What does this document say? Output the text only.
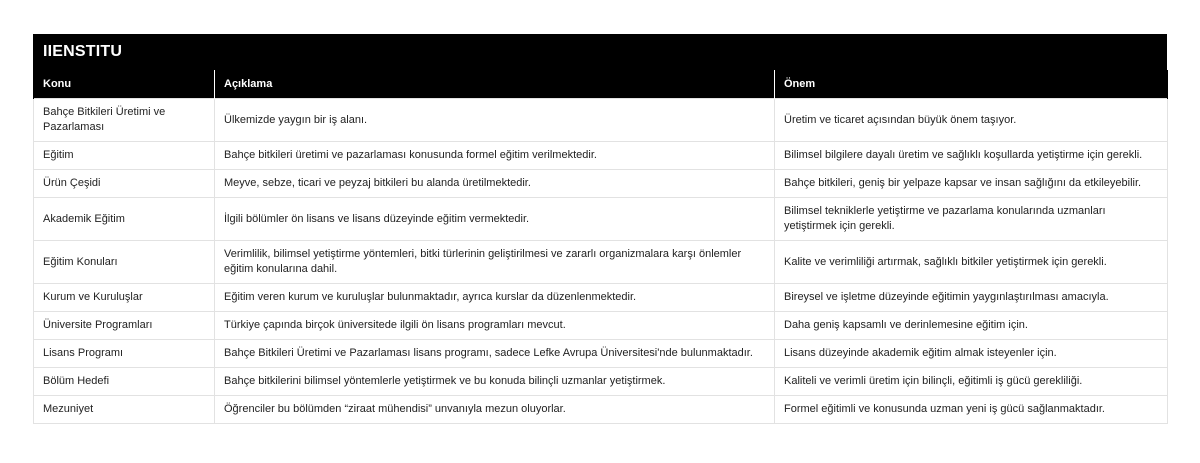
IIENSTITU
Konu	Açıklama	Önem
Bahçe Bitkileri Üretimi ve Pazarlaması	Ülkemizde yaygın bir iş alanı.	Üretim ve ticaret açısından büyük önem taşıyor.
Eğitim	Bahçe bitkileri üretimi ve pazarlaması konusunda formel eğitim verilmektedir.	Bilimsel bilgilere dayalı üretim ve sağlıklı koşullarda yetiştirme için gerekli.
Ürün Çeşidi	Meyve, sebze, ticari ve peyzaj bitkileri bu alanda üretilmektedir.	Bahçe bitkileri, geniş bir yelpaze kapsar ve insan sağlığını da etkileyebilir.
Akademik Eğitim	İlgili bölümler ön lisans ve lisans düzeyinde eğitim vermektedir.	Bilimsel tekniklerle yetiştirme ve pazarlama konularında uzmanları yetiştirmek için gerekli.
Eğitim Konuları	Verimlilik, bilimsel yetiştirme yöntemleri, bitki türlerinin geliştirilmesi ve zararlı organizmalara karşı önlemler eğitim konularına dahil.	Kalite ve verimliliği artırmak, sağlıklı bitkiler yetiştirmek için gerekli.
Kurum ve Kuruluşlar	Eğitim veren kurum ve kuruluşlar bulunmaktadır, ayrıca kurslar da düzenlenmektedir.	Bireysel ve işletme düzeyinde eğitimin yaygınlaştırılması amacıyla.
Üniversite Programları	Türkiye çapında birçok üniversitede ilgili ön lisans programları mevcut.	Daha geniş kapsamlı ve derinlemesine eğitim için.
Lisans Programı	Bahçe Bitkileri Üretimi ve Pazarlaması lisans programı, sadece Lefke Avrupa Üniversitesi'nde bulunmaktadır.	Lisans düzeyinde akademik eğitim almak isteyenler için.
Bölüm Hedefi	Bahçe bitkilerini bilimsel yöntemlerle yetiştirmek ve bu konuda bilinçli uzmanlar yetiştirmek.	Kaliteli ve verimli üretim için bilinçli, eğitimli iş gücü gerekliliği.
Mezuniyet	Öğrenciler bu bölümden “ziraat mühendisi” unvanıyla mezun oluyorlar.	Formel eğitimli ve konusunda uzman yeni iş gücü sağlanmaktadır.
